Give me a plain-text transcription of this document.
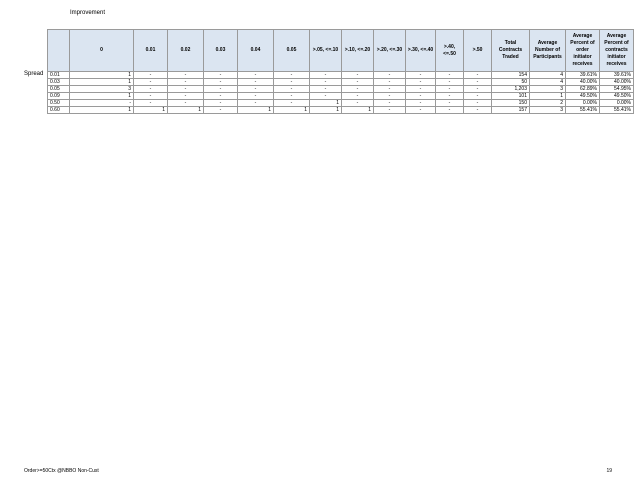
Improvement
Spread
	0	0.01	0.02	0.03	0.04	0.05	>.05, <=.10	>.10, <=.20	>.20, <=.30	>.30, <=.40	>.40, <=.50	>.50	Total Contracts Traded	Average Number of Participants	Average Percent of order initiator receives	Average Percent of contracts initiator receives
0.01	1	-	-	-	-	-	-	-	-	-	-	-	154	4	39.61%	39.61%
0.03	1	-	-	-	-	-	-	-	-	-	-	-	50	4	40.00%	40.00%
0.05	3	-	-	-	-	-	-	-	-	-	-	-	1,203	3	62.89%	54.95%
0.09	1	-	-	-	-	-	-	-	-	-	-	-	101	1	49.50%	49.50%
0.50	-	-	-	-	-	-	1	-	-	-	-	-	150	2	0.00%	0.00%
0.60	1	1	1	-	1	1	1	1	-	-	-	-	157	3	55.41%	55.41%
Order>=50Ctx @NBBO Non-Cust	19
